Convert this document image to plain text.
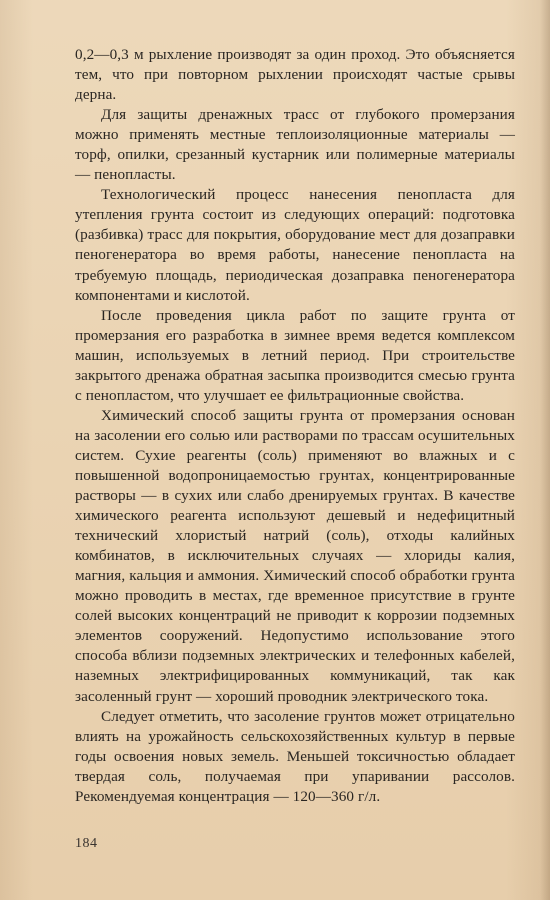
0,2—0,3 м рыхление производят за один проход. Это объясняется тем, что при повторном рыхлении происходят частые срывы дерна.

Для защиты дренажных трасс от глубокого промерзания можно применять местные теплоизоляционные материалы — торф, опилки, срезанный кустарник или полимерные материалы — пенопласты.

Технологический процесс нанесения пенопласта для утепления грунта состоит из следующих операций: подготовка (разбивка) трасс для покрытия, оборудование мест для дозаправки пеногенератора во время работы, нанесение пенопласта на требуемую площадь, периодическая дозаправка пеногенератора компонентами и кислотой.

После проведения цикла работ по защите грунта от промерзания его разработка в зимнее время ведется комплексом машин, используемых в летний период. При строительстве закрытого дренажа обратная засыпка производится смесью грунта с пенопластом, что улучшает ее фильтрационные свойства.

Химический способ защиты грунта от промерзания основан на засолении его солью или растворами по трассам осушительных систем. Сухие реагенты (соль) применяют во влажных и с повышенной водопроницаемостью грунтах, концентрированные растворы — в сухих или слабо дренируемых грунтах. В качестве химического реагента используют дешевый и недефицитный технический хлористый натрий (соль), отходы калийных комбинатов, в исключительных случаях — хлориды калия, магния, кальция и аммония. Химический способ обработки грунта можно проводить в местах, где временное присутствие в грунте солей высоких концентраций не приводит к коррозии подземных элементов сооружений. Недопустимо использование этого способа вблизи подземных электрических и телефонных кабелей, наземных электрифицированных коммуникаций, так как засоленный грунт — хороший проводник электрического тока.

Следует отметить, что засоление грунтов может отрицательно влиять на урожайность сельскохозяйственных культур в первые годы освоения новых земель. Меньшей токсичностью обладает твердая соль, получаемая при упаривании рассолов. Рекомендуемая концентрация — 120—360 г/л.

184
